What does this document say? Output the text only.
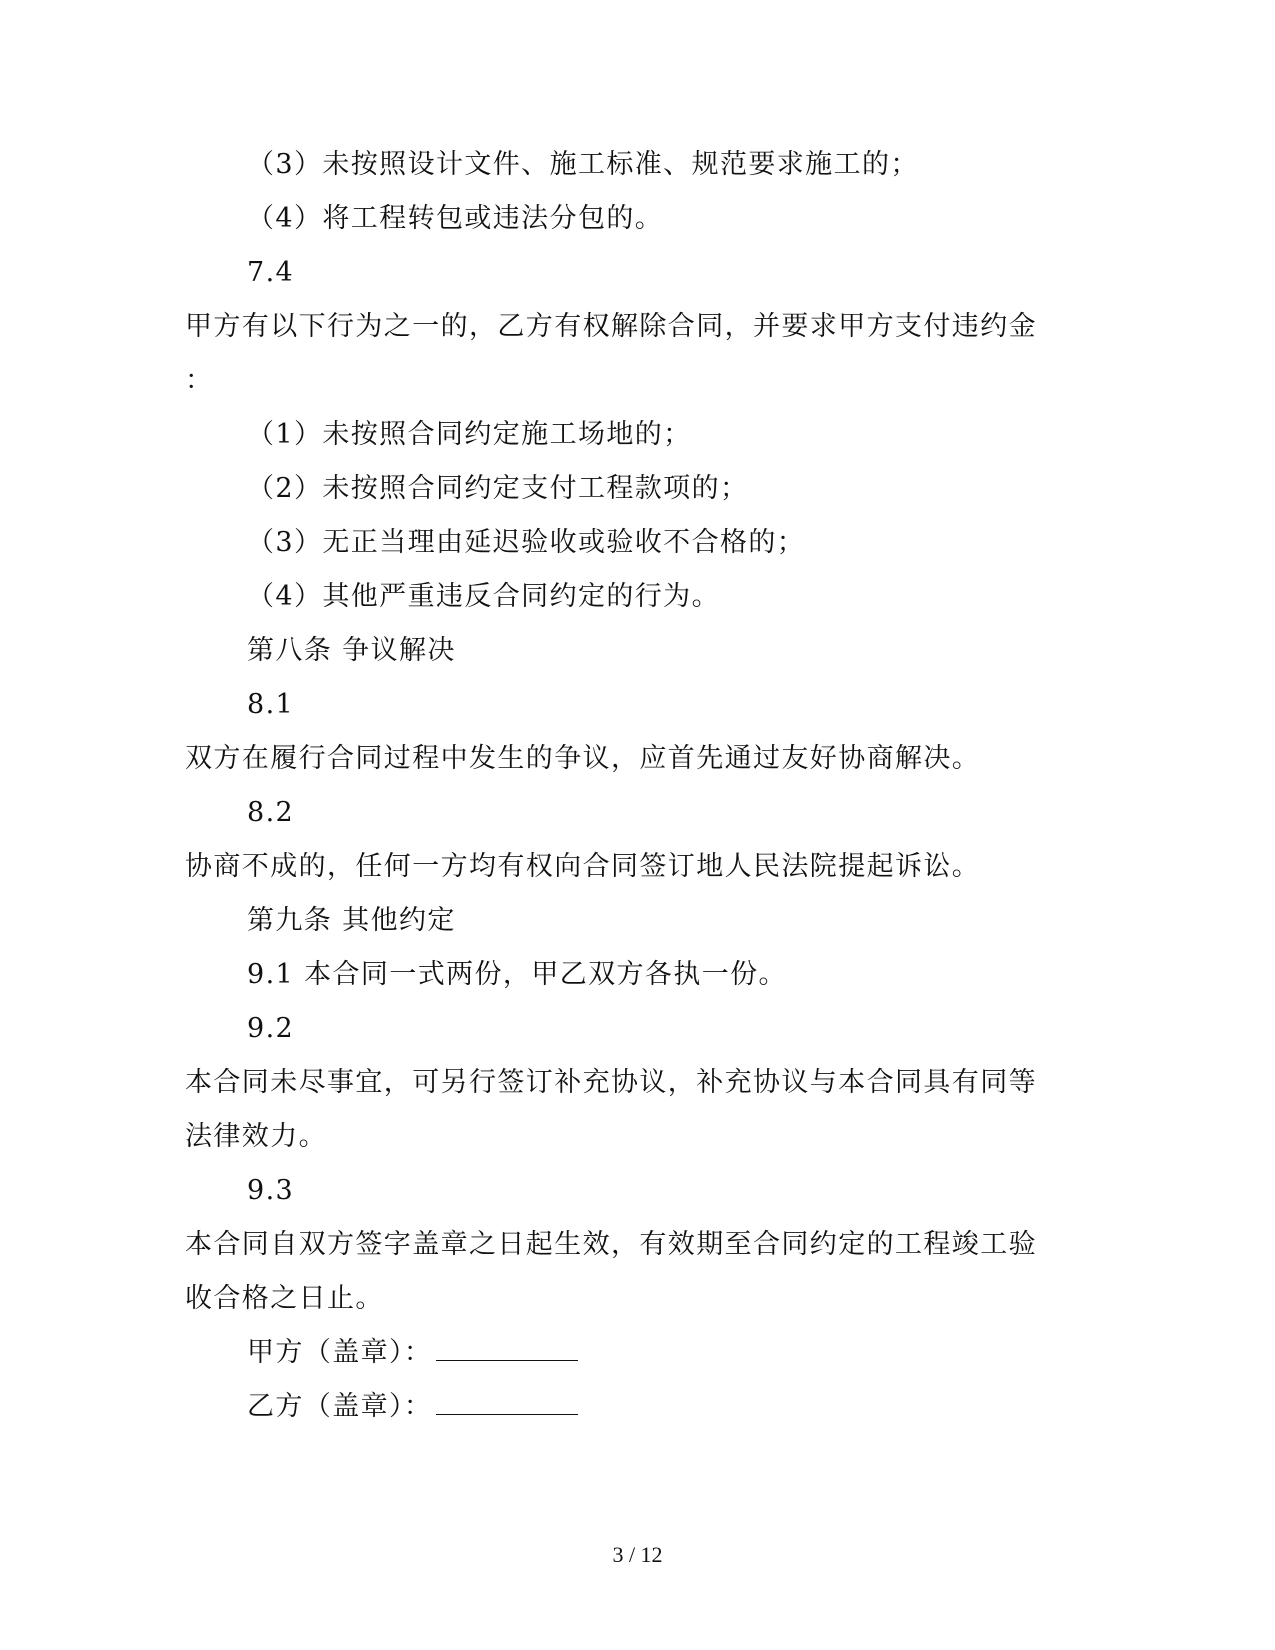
（3）未按照设计文件、施工标准、规范要求施工的；

（4）将工程转包或违法分包的。

7.4

甲方有以下行为之一的，乙方有权解除合同，并要求甲方支付违约金

：

（1）未按照合同约定施工场地的；

（2）未按照合同约定支付工程款项的；

（3）无正当理由延迟验收或验收不合格的；

（4）其他严重违反合同约定的行为。

第八条 争议解决

8.1

双方在履行合同过程中发生的争议，应首先通过友好协商解决。

8.2

协商不成的，任何一方均有权向合同签订地人民法院提起诉讼。

第九条 其他约定

9.1 本合同一式两份，甲乙双方各执一份。

9.2

本合同未尽事宜，可另行签订补充协议，补充协议与本合同具有同等

法律效力。

9.3

本合同自双方签字盖章之日起生效，有效期至合同约定的工程竣工验

收合格之日止。

甲方（盖章）：

乙方（盖章）：

3 / 12
